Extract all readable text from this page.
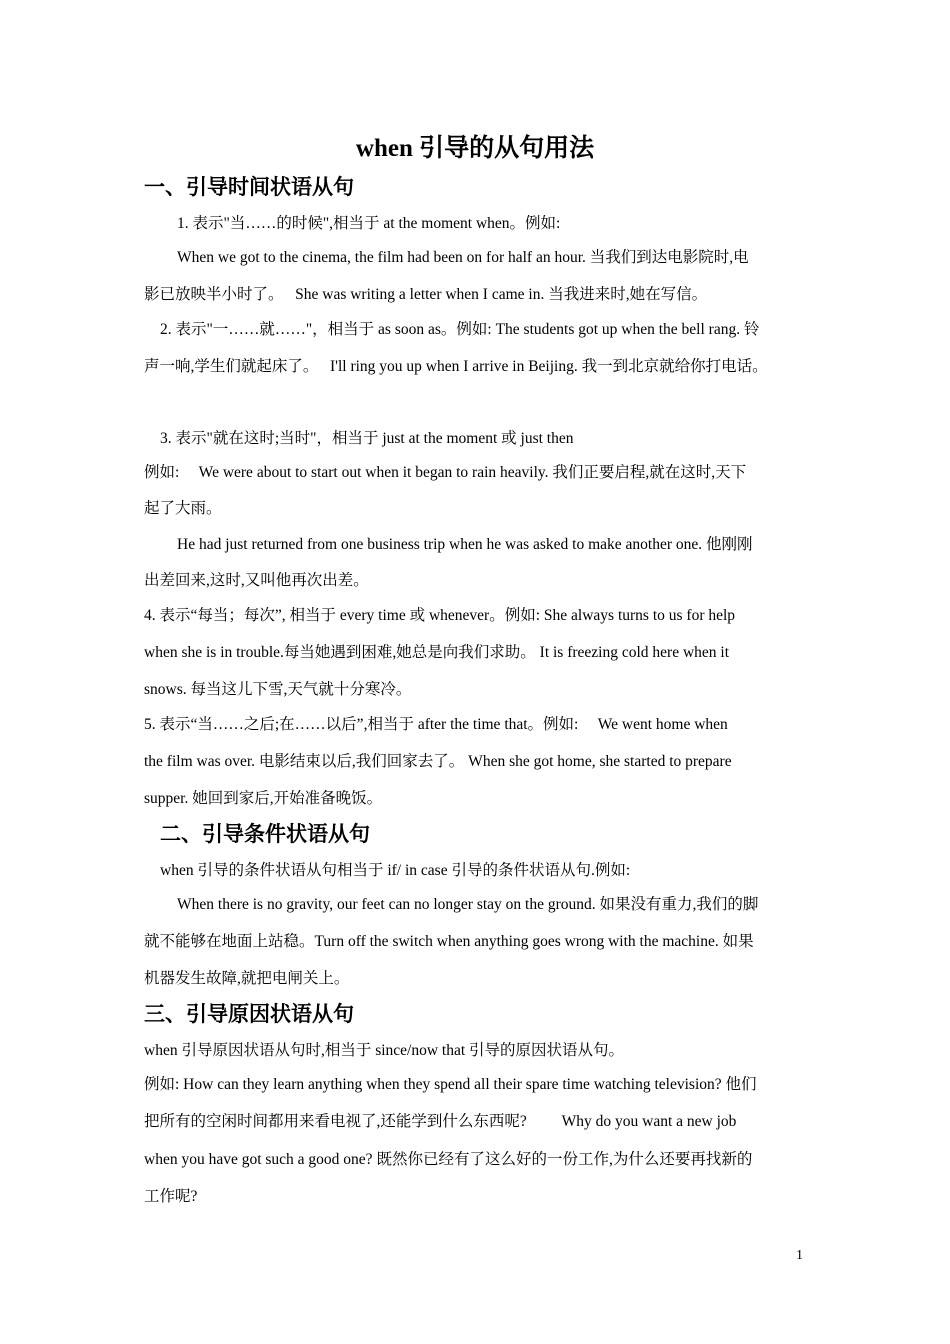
when 引导的从句用法
一、引导时间状语从句
1. 表示"当……的时候",相当于 at the moment when。例如:
When we got to the cinema, the film had been on for half an hour. 当我们到达电影院时,电
影已放映半小时了。　 She was writing a letter when I came in. 当我进来时,她在写信。
2. 表示"一……就……"，相当于 as soon as。例如: The students got up when the bell rang. 铃
声一响,学生们就起床了。　 I'll ring you up when I arrive in Beijing. 我一到北京就给你打电话。
3. 表示"就在这时;当时"，相当于 just at the moment 或 just then
例如:　 We were about to start out when it began to rain heavily. 我们正要启程,就在这时,天下
起了大雨。
He had just returned from one business trip when he was asked to make another one. 他刚刚
出差回来,这时,又叫他再次出差。
4. 表示“每当；每次”, 相当于 every time 或 whenever。例如: She always turns to us for help
when she is in trouble.每当她遇到困难,她总是向我们求助。 It is freezing cold here when it
snows. 每当这儿下雪,天气就十分寒冷。
5. 表示“当……之后;在……以后”,相当于 after the time that。例如:　 We went home when
the film was over. 电影结束以后,我们回家去了。 When she got home, she started to prepare
supper. 她回到家后,开始准备晚饭。
二、引导条件状语从句
when 引导的条件状语从句相当于 if/ in case 引导的条件状语从句.例如:
When there is no gravity, our feet can no longer stay on the ground. 如果没有重力,我们的脚
就不能够在地面上站稳。Turn off the switch when anything goes wrong with the machine. 如果
机器发生故障,就把电闸关上。
三、引导原因状语从句
when 引导原因状语从句时,相当于 since/now that 引导的原因状语从句。
例如: How can they learn anything when they spend all their spare time watching television? 他们
把所有的空闲时间都用来看电视了,还能学到什么东西呢?　　 Why do you want a new job
when you have got such a good one? 既然你已经有了这么好的一份工作,为什么还要再找新的
工作呢?
1
